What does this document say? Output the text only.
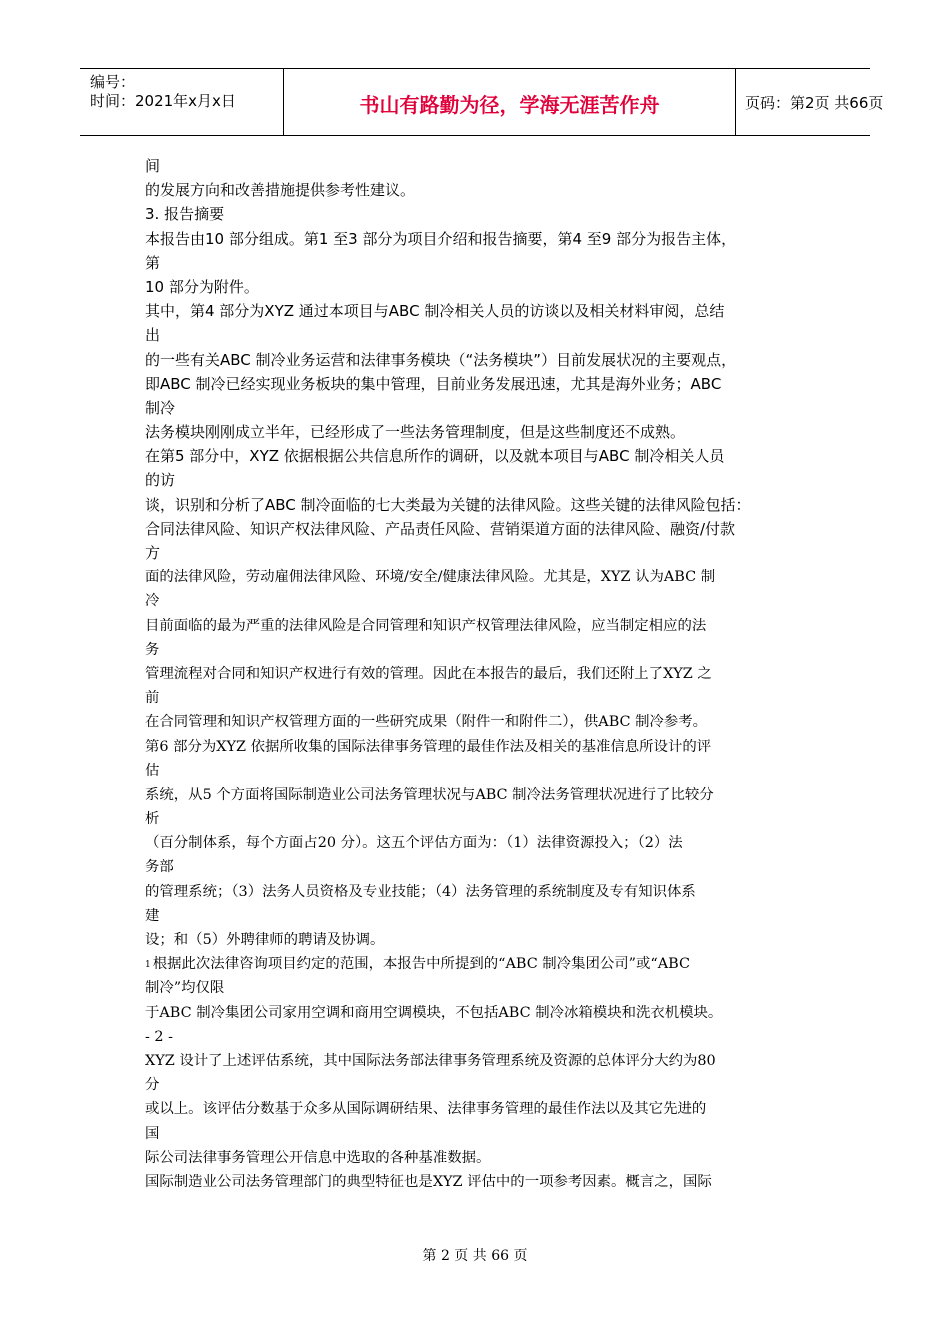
编号：
时间：2021年x月x日	书山有路勤为径，学海无涯苦作舟	页码：第2页 共66页
间
的发展方向和改善措施提供参考性建议。
3. 报告摘要
本报告由10 部分组成。第1 至3 部分为项目介绍和报告摘要，第4 至9 部分为报告主体，
第
10 部分为附件。
其中，第4 部分为XYZ 通过本项目与ABC 制冷相关人员的访谈以及相关材料审阅，总结
出
的一些有关ABC 制冷业务运营和法律事务模块（“法务模块”）目前发展状况的主要观点，
即ABC 制冷已经实现业务板块的集中管理，目前业务发展迅速，尤其是海外业务；ABC
制冷
法务模块刚刚成立半年，已经形成了一些法务管理制度，但是这些制度还不成熟。
在第5 部分中，XYZ 依据根据公共信息所作的调研，以及就本项目与ABC 制冷相关人员
的访
谈，识别和分析了ABC 制冷面临的七大类最为关键的法律风险。这些关键的法律风险包括：
合同法律风险、知识产权法律风险、产品责任风险、营销渠道方面的法律风险、融资/付款
方
面的法律风险，劳动雇佣法律风险、环境/安全/健康法律风险。尤其是，XYZ 认为ABC 制
冷
目前面临的最为严重的法律风险是合同管理和知识产权管理法律风险，应当制定相应的法
务
管理流程对合同和知识产权进行有效的管理。因此在本报告的最后，我们还附上了XYZ 之
前
在合同管理和知识产权管理方面的一些研究成果（附件一和附件二），供ABC 制冷参考。
第6 部分为XYZ 依据所收集的国际法律事务管理的最佳作法及相关的基准信息所设计的评
估
系统，从5 个方面将国际制造业公司法务管理状况与ABC 制冷法务管理状况进行了比较分
析
（百分制体系，每个方面占20 分）。这五个评估方面为：（1）法律资源投入；（2）法
务部
的管理系统；（3）法务人员资格及专业技能；（4）法务管理的系统制度及专有知识体系
建
设；和（5）外聘律师的聘请及协调。
1 根据此次法律咨询项目约定的范围，本报告中所提到的“ABC 制冷集团公司”或“ABC
制冷”均仅限
于ABC 制冷集团公司家用空调和商用空调模块，不包括ABC 制冷冰箱模块和洗衣机模块。
- 2 -
XYZ 设计了上述评估系统，其中国际法务部法律事务管理系统及资源的总体评分大约为80
分
或以上。该评估分数基于众多从国际调研结果、法律事务管理的最佳作法以及其它先进的
国
际公司法律事务管理公开信息中选取的各种基准数据。
国际制造业公司法务管理部门的典型特征也是XYZ 评估中的一项参考因素。概言之，国际
第 2 页 共 66 页
